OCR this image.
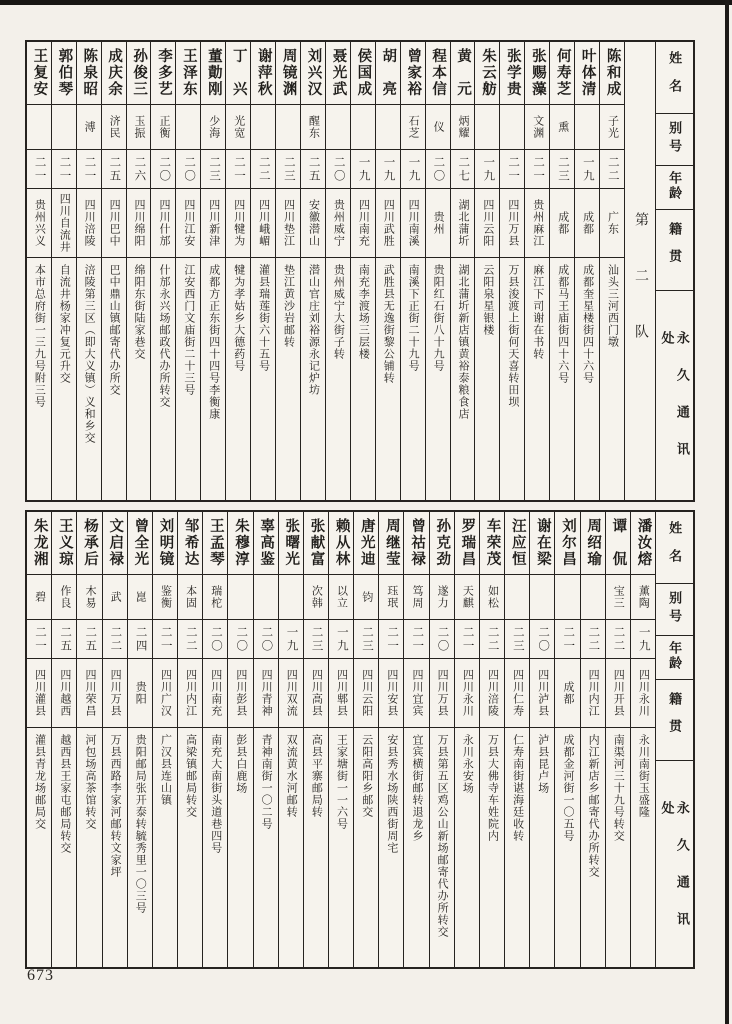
姓名
别号
年龄
籍贯
永久通讯处
第二队
陈和成
子光
二二
广东
汕头三河西门墩
叶体清
一九
成都
成都奎星楼街四十六号
何寿芝
熏
二三
成都
成都马王庙街四十六号
张赐藻
文渊
二一
贵州麻江
麻江下司谢在书转
张学贵
二一
四川万县
万县浚渡上街何天喜转田坝
朱云舫
一九
四川云阳
云阳泉星银楼
黄　元
炳耀
二七
湖北蒲圻
湖北蒲圻新店镇黄裕泰粮食店
程本信
仪
二〇
贵州
贵阳红石街八十九号
曾家裕
石芝
一九
四川南溪
南溪下正街二十九号
胡　亮
一九
四川武胜
武胜县无逸街黎公铺转
侯国成
一九
四川南充
南充李渡场三层楼
聂光武
二〇
贵州威宁
贵州威宁大街子转
刘兴汉
醒东
二五
安徽潜山
潜山官庄刘裕源永记炉坊
周镜渊
二三
四川垫江
垫江黄沙岩邮转
谢萍秋
二二
四川峨嵋
灌县瑞莲街六十五号
丁　兴
光宽
二一
四川犍为
犍为孝姑乡大德药号
董勣刚
少海
二三
四川新津
成都方正东街四十四号李衡康
王泽东
二〇
四川江安
江安西门文庙街二十三号
李多艺
正衡
二〇
四川什邡
什邡永兴场邮政代办所转交
孙俊三
玉振
二六
四川绵阳
绵阳东街陆家巷交
成庆余
济民
二五
四川巴中
巴中鼎山镇邮寄代办所交
陈泉昭
溥
二一
四川涪陵
涪陵第三区（即大义镇）义和乡交
郭伯琴
二一
四川自流井
自流井杨家冲复元升交
王复安
二一
贵州兴义
本市总府街一三九号附三号
姓名
别号
年龄
籍贯
永久通讯处
潘汝熔
薰陶
一九
四川永川
永川南街玉盛隆
谭　侃
宝三
二二
四川开县
南渠河三十九号转交
周绍瑜
二二
四川内江
内江新店乡邮寄代办所转交
刘尔昌
二一
成都
成都金河街一〇五号
谢在梁
二〇
四川泸县
泸县昆卢场
汪应恒
二三
四川仁寿
仁寿南街谌海廷收转
车荣茂
如松
二二
四川涪陵
万县大佛寺车姓院内
罗瑞昌
天麒
二一
四川永川
永川永安场
孙克劲
遂力
二〇
四川万县
万县第五区鸡公山新场邮寄代办所转交
曾祜禄
笃周
二一
四川宜宾
宜宾横街邮转退龙乡
周继莹
珏珉
二一
四川安县
安县秀水场陕西街周宅
唐光迪
钧
二三
四川云阳
云阳高阳乡邮交
赖从林
以立
一九
四川郫县
王家塘街一一六号
张献富
次韩
二三
四川高县
高县平寨邮局转
张曙光
一九
四川双流
双流黄水河邮转
辜高鉴
二〇
四川青神
青神南街一〇二号
朱穆淳
二〇
四川彭县
彭县白鹿场
王孟琴
瑞柁
二〇
四川南充
南充大南街头道巷四号
邹希达
本固
二二
四川内江
高梁镇邮局转交
刘明镜
鉴衡
二一
四川广汉
广汉县连山镇
曾全光
崑
二四
贵阳
贵阳邮局张开泰转毓秀里一〇三号
文启禄
武
二二
四川万县
万县西路李家河邮转文家坪
杨承后
木易
二五
四川荣昌
河包场高茶馆转交
王义琼
作良
二五
四川越西
越西县王家屯邮局转交
朱龙湘
碧
二一
四川灌县
灌县青龙场邮局交
673
